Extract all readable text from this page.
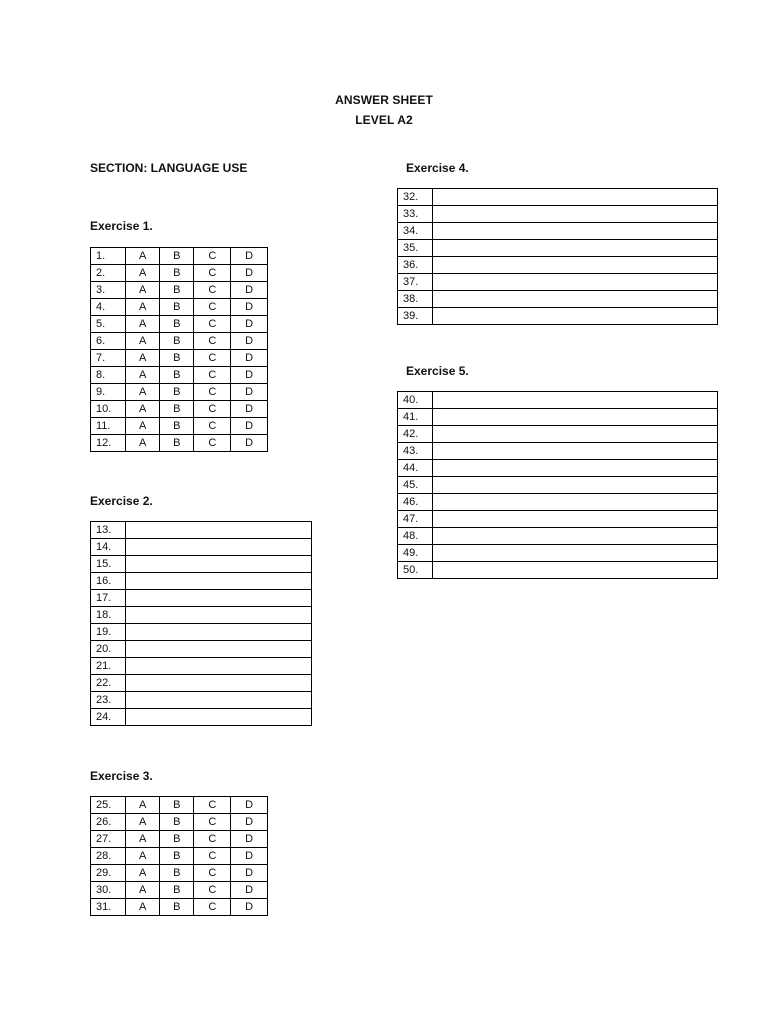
ANSWER SHEET
LEVEL A2
SECTION: LANGUAGE USE
Exercise 1.
1.	A	B	C	D
2.	A	B	C	D
3.	A	B	C	D
4.	A	B	C	D
5.	A	B	C	D
6.	A	B	C	D
7.	A	B	C	D
8.	A	B	C	D
9.	A	B	C	D
10.	A	B	C	D
11.	A	B	C	D
12.	A	B	C	D
Exercise 2.
13.	
14.	
15.	
16.	
17.	
18.	
19.	
20.	
21.	
22.	
23.	
24.	
Exercise 3.
25.	A	B	C	D
26.	A	B	C	D
27.	A	B	C	D
28.	A	B	C	D
29.	A	B	C	D
30.	A	B	C	D
31.	A	B	C	D
Exercise 4.
32.	
33.	
34.	
35.	
36.	
37.	
38.	
39.	
Exercise 5.
40.	
41.	
42.	
43.	
44.	
45.	
46.	
47.	
48.	
49.	
50.	
